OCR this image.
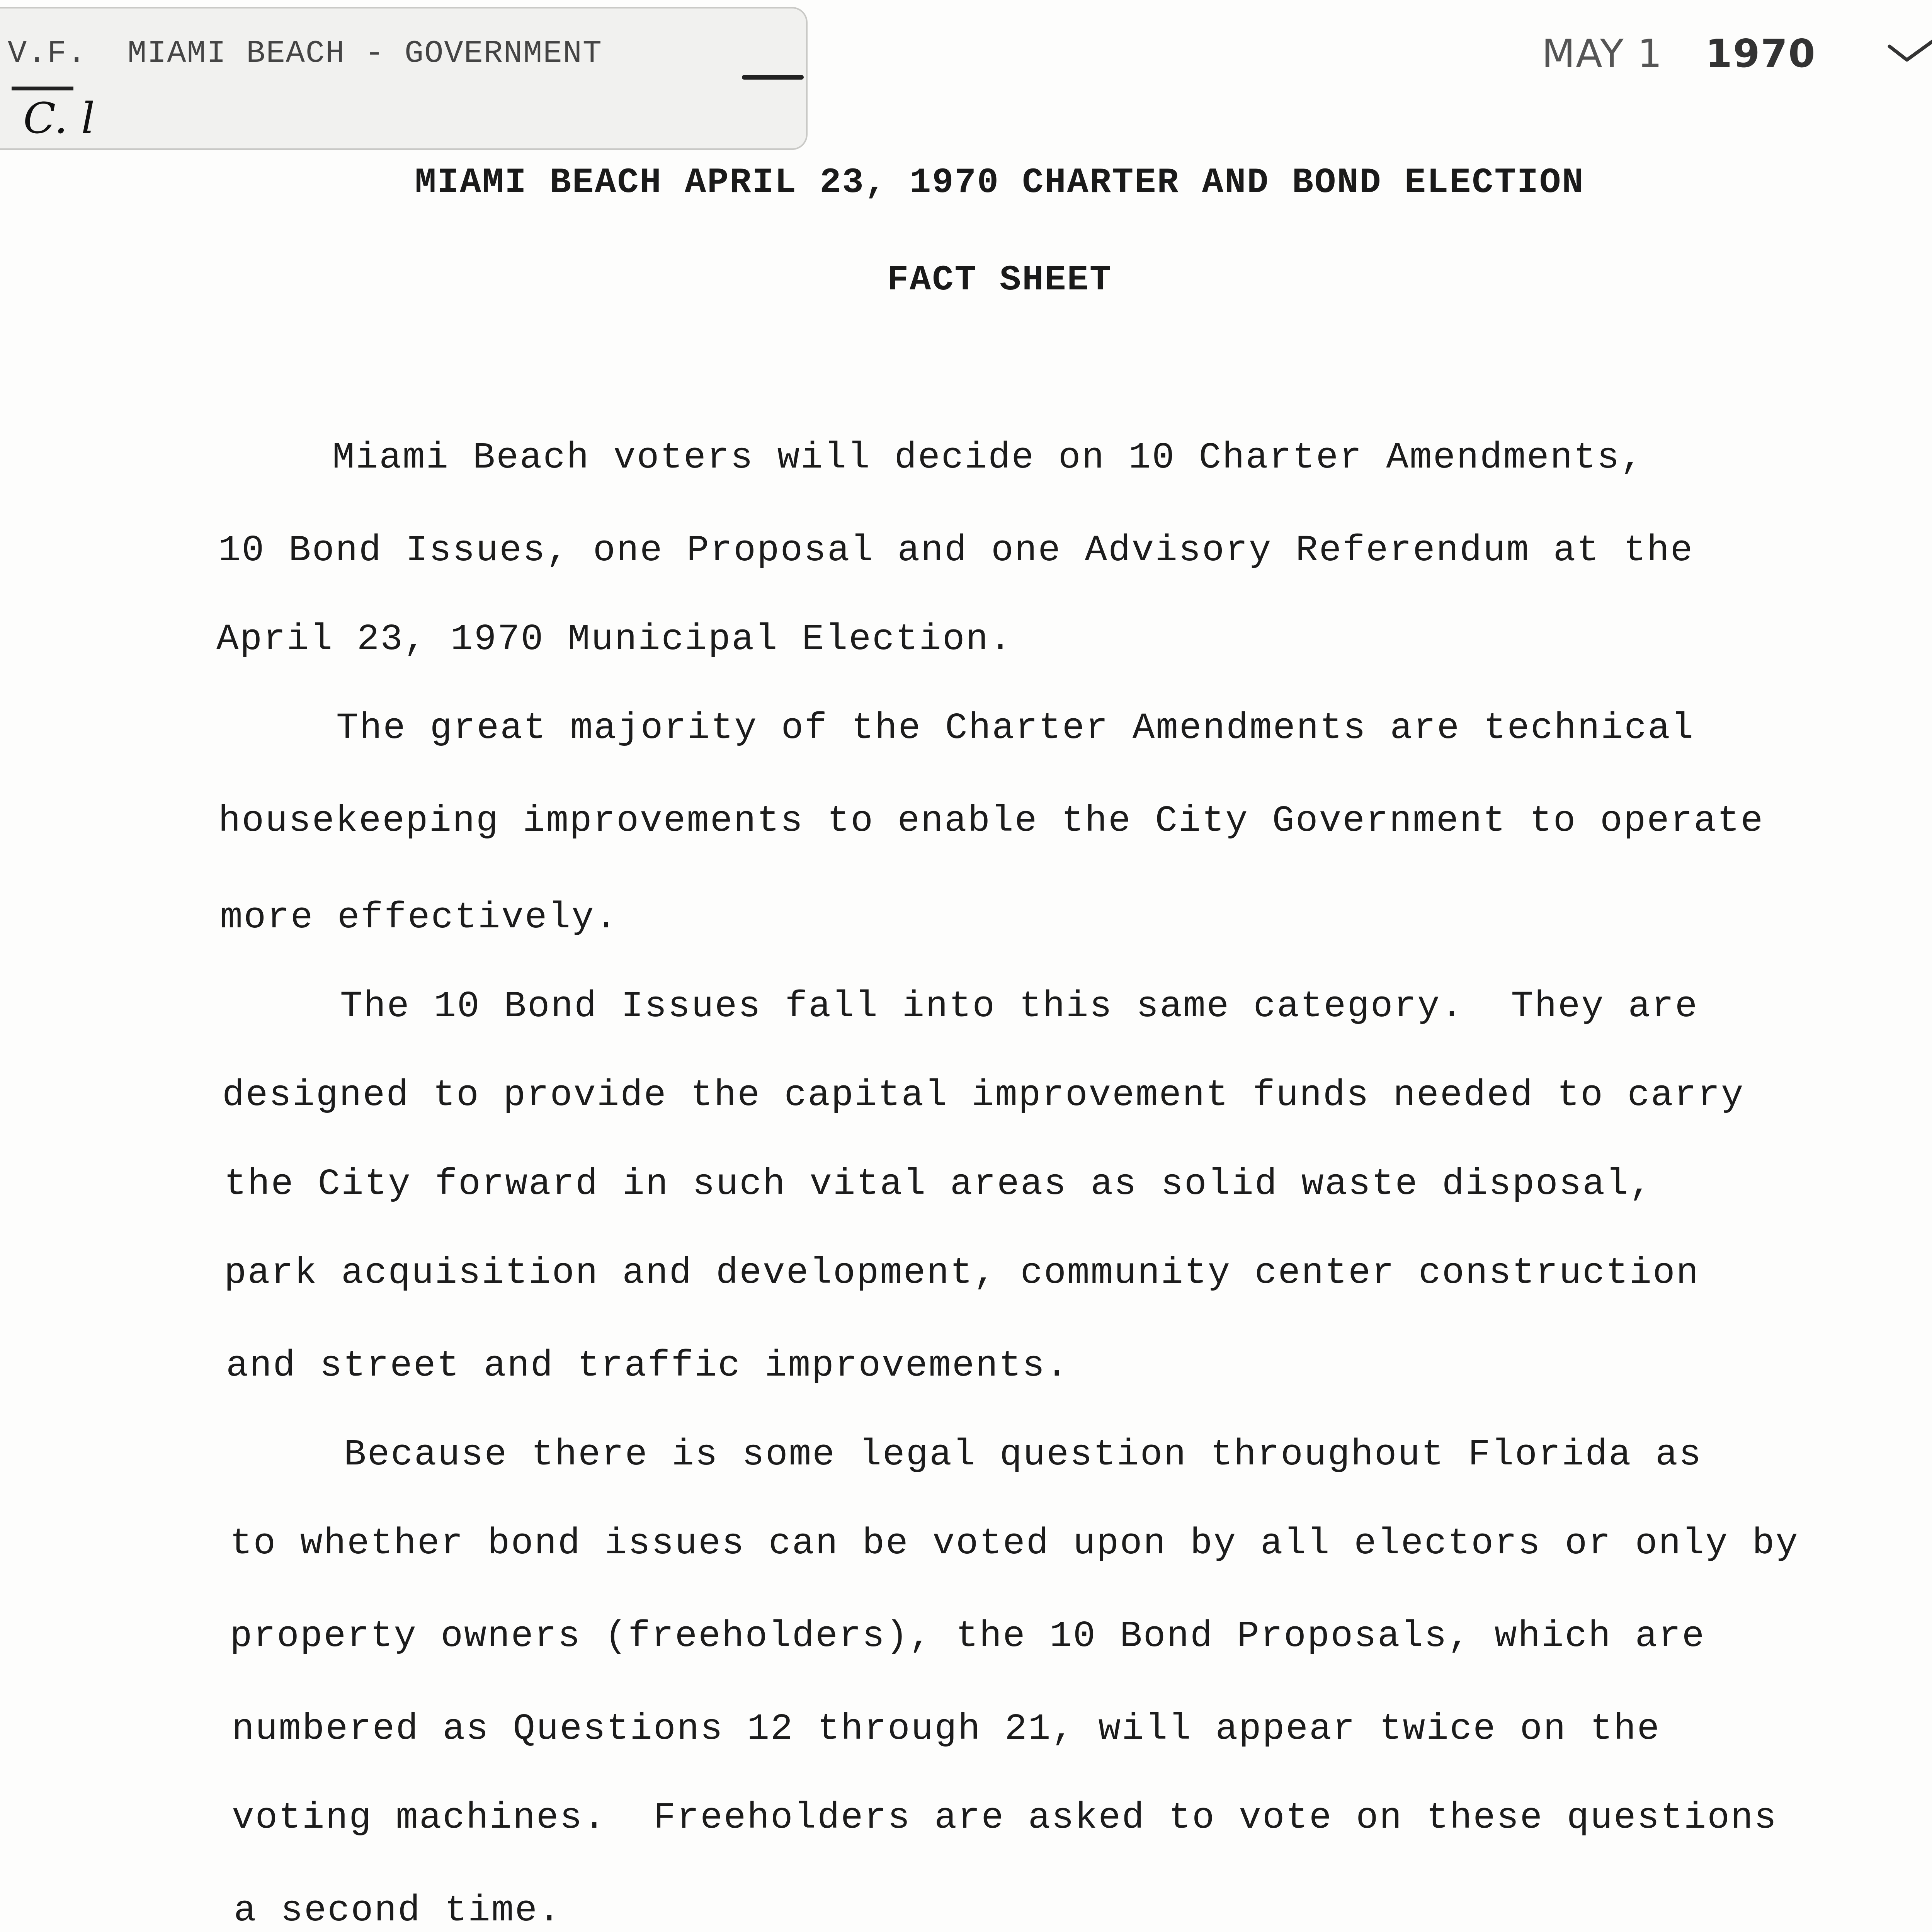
V.F. MIAMI BEACH - GOVERNMENT
C. l
MAY 1 1970
MIAMI BEACH APRIL 23, 1970 CHARTER AND BOND ELECTION
FACT SHEET
Miami Beach voters will decide on 10 Charter Amendments,
10 Bond Issues, one Proposal and one Advisory Referendum at the
April 23, 1970 Municipal Election.
The great majority of the Charter Amendments are technical
housekeeping improvements to enable the City Government to operate
more effectively.
The 10 Bond Issues fall into this same category.  They are
designed to provide the capital improvement funds needed to carry
the City forward in such vital areas as solid waste disposal,
park acquisition and development, community center construction
and street and traffic improvements.
Because there is some legal question throughout Florida as
to whether bond issues can be voted upon by all electors or only by
property owners (freeholders), the 10 Bond Proposals, which are
numbered as Questions 12 through 21, will appear twice on the
voting machines.  Freeholders are asked to vote on these questions
a second time.
